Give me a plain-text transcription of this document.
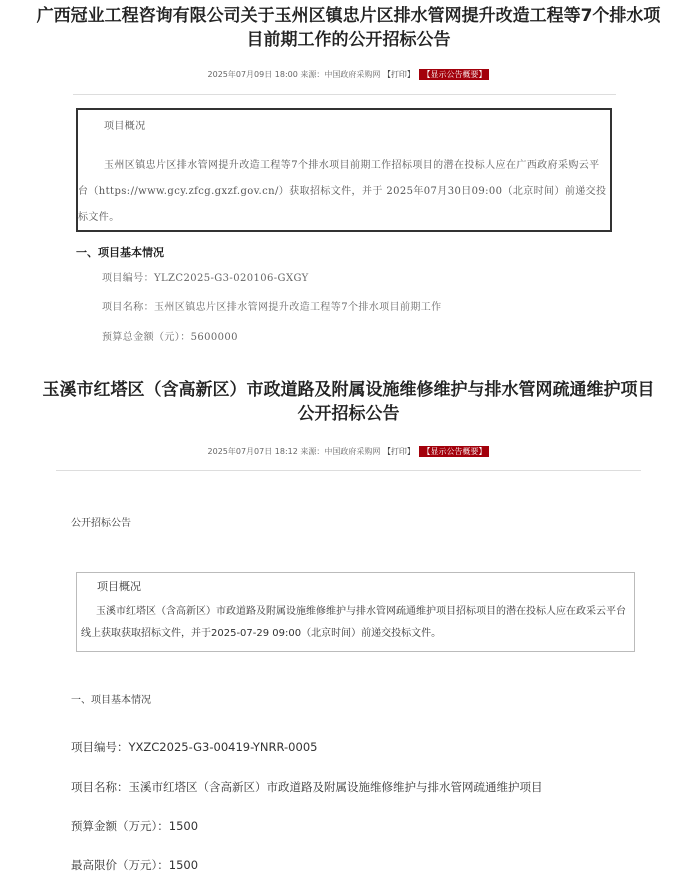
广西冠业工程咨询有限公司关于玉州区镇忠片区排水管网提升改造工程等7个排水项
目前期工作的公开招标公告
2025年07月09日 18:00 来源：中国政府采购网 【打印】 【显示公告概要】
项目概况
玉州区镇忠片区排水管网提升改造工程等7个排水项目前期工作招标项目的潜在投标人应在广西政府采购云平台（https://www.gcy.zfcg.gxzf.gov.cn/）获取招标文件，并于 2025年07月30日09:00（北京时间）前递交投标文件。
一、项目基本情况
项目编号：YLZC2025-G3-020106-GXGY
项目名称：玉州区镇忠片区排水管网提升改造工程等7个排水项目前期工作
预算总金额（元）：5600000
玉溪市红塔区（含高新区）市政道路及附属设施维修维护与排水管网疏通维护项目
公开招标公告
2025年07月07日 18:12 来源：中国政府采购网 【打印】 【显示公告概要】
公开招标公告
项目概况
玉溪市红塔区（含高新区）市政道路及附属设施维修维护与排水管网疏通维护项目招标项目的潜在投标人应在政采云平台线上获取获取招标文件，并于2025-07-29 09:00（北京时间）前递交投标文件。
一、项目基本情况
项目编号：YXZC2025-G3-00419-YNRR-0005
项目名称：玉溪市红塔区（含高新区）市政道路及附属设施维修维护与排水管网疏通维护项目
预算金额（万元）：1500
最高限价（万元）：1500
